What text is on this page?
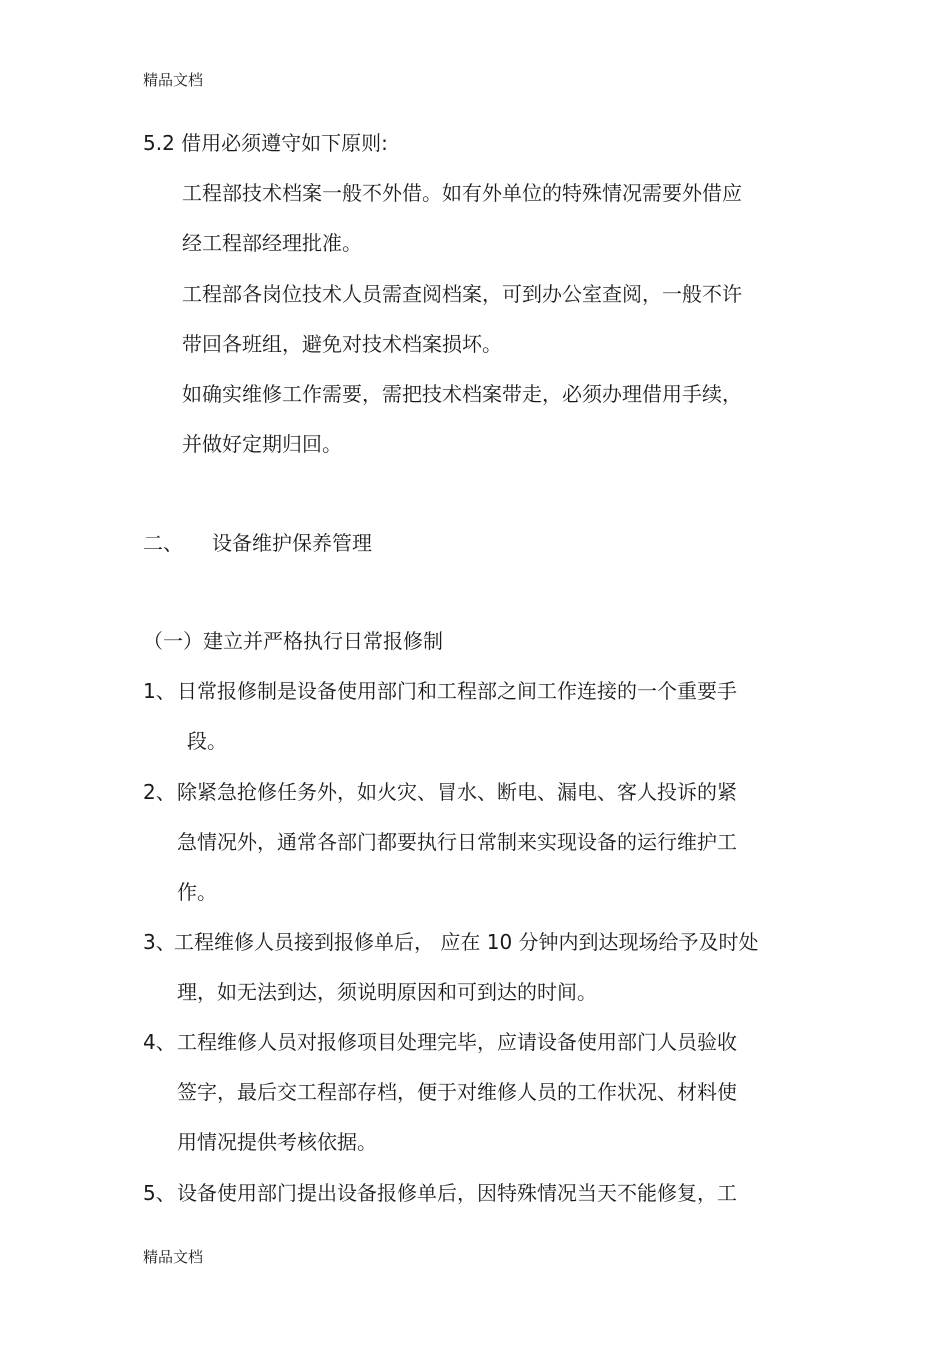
精品文档
5.2 借用必须遵守如下原则:
工程部技术档案一般不外借。如有外单位的特殊情况需要外借应
经工程部经理批准。
工程部各岗位技术人员需查阅档案，可到办公室查阅，一般不许
带回各班组，避免对技术档案损坏。
如确实维修工作需要，需把技术档案带走，必须办理借用手续，
并做好定期归回。
二、 设备维护保养管理
（一）建立并严格执行日常报修制
1、 日常报修制是设备使用部门和工程部之间工作连接的一个重要手
段。
2、 除紧急抢修任务外，如火灾、冒水、断电、漏电、客人投诉的紧
急情况外，通常各部门都要执行日常制来实现设备的运行维护工
作。
3、
工程维修人员接到报修单后， 应在 10 分钟内到达现场给予及时处
理，如无法到达，须说明原因和可到达的时间。
4、 工程维修人员对报修项目处理完毕，应请设备使用部门人员验收
签字，最后交工程部存档，便于对维修人员的工作状况、材料使
用情况提供考核依据。
5、 设备使用部门提出设备报修单后，因特殊情况当天不能修复，工
精品文档
